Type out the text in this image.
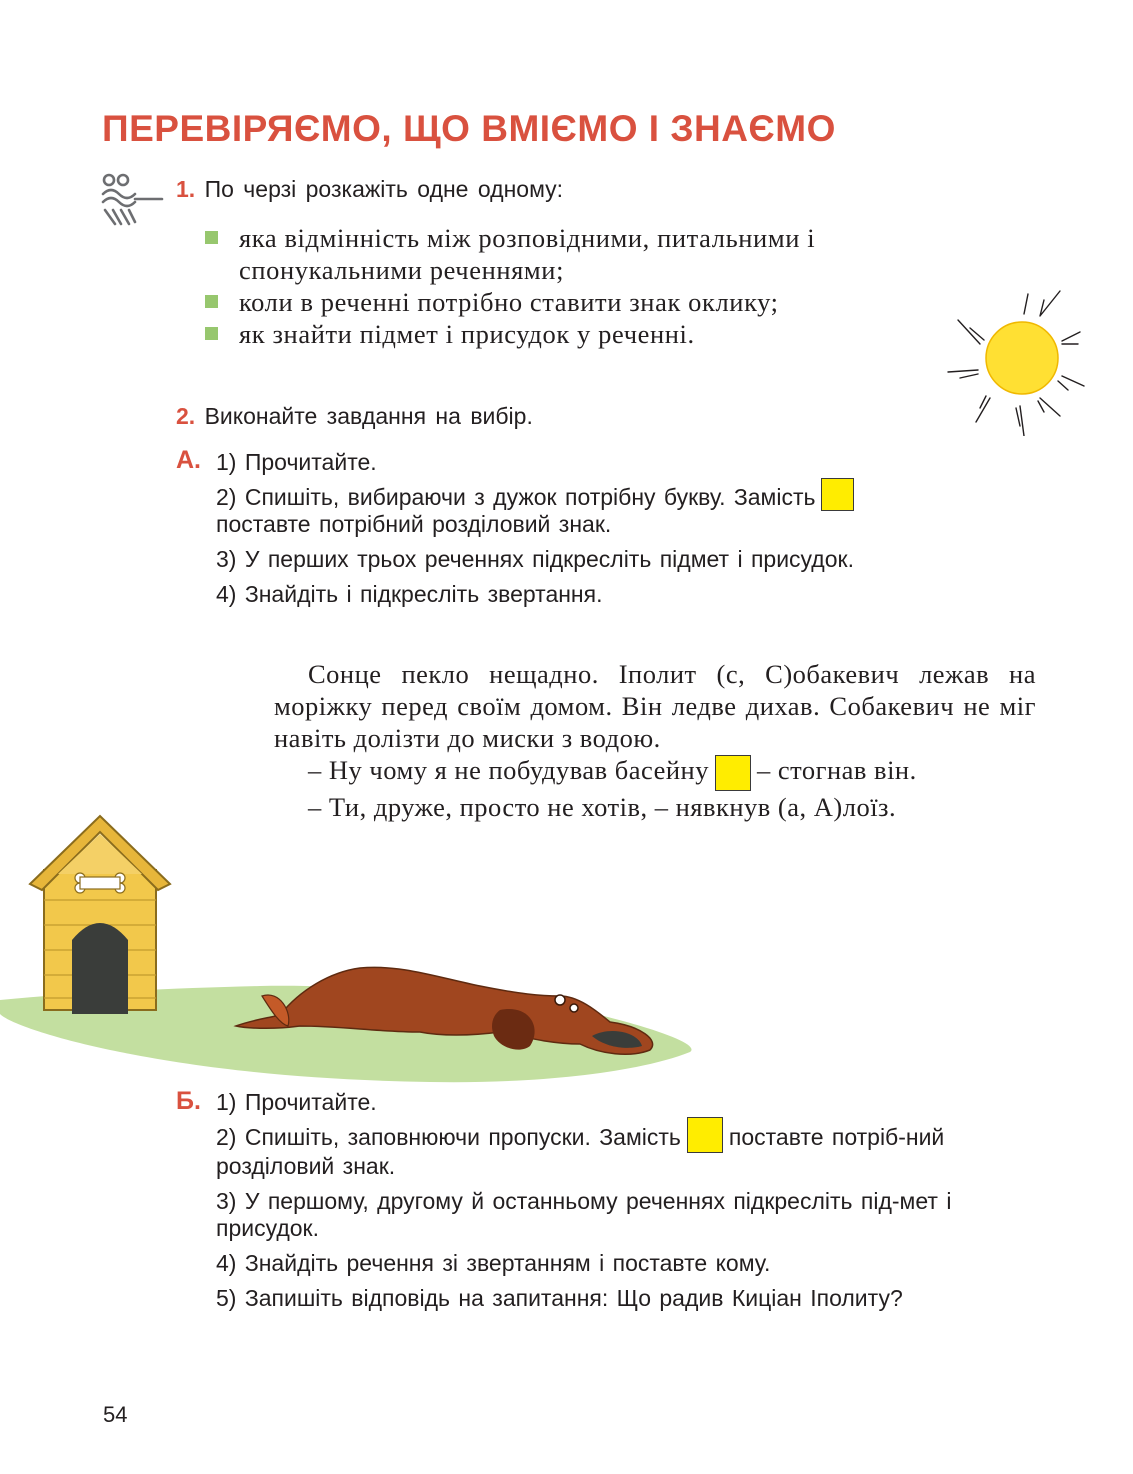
ПЕРЕВІРЯЄМО, ЩО ВМІЄМО І ЗНАЄМО
1. По черзі розкажіть одне одному:
яка відмінність між розповідними, питальними і спонукальними реченнями;
коли в реченні потрібно ставити знак оклику;
як знайти підмет і присудок у реченні.
2. Виконайте завдання на вибір.
А. 1) Прочитайте.
2) Спишіть, вибираючи з дужок потрібну букву. Замість
поставте потрібний розділовий знак.
3) У перших трьох реченнях підкресліть підмет і присудок.
4) Знайдіть і підкресліть звертання.

Сонце пекло нещадно. Іполит (с, С)обакевич лежав на моріжку перед своїм домом. Він ледве дихав. Собакевич не міг навіть долізти до миски з водою.

– Ну чому я не побудував басейну – стогнав він.

– Ти, друже, просто не хотів, – нявкнув (а, А)лоїз.

Б. 1) Прочитайте.
2) Спишіть, заповнюючи пропуски. Замість поставте потріб-ний розділовий знак.
3) У першому, другому й останньому реченнях підкресліть під-мет і присудок.
4) Знайдіть речення зі звертанням і поставте кому.
5) Запишіть відповідь на запитання: Що радив Киціан Іполиту?
54
